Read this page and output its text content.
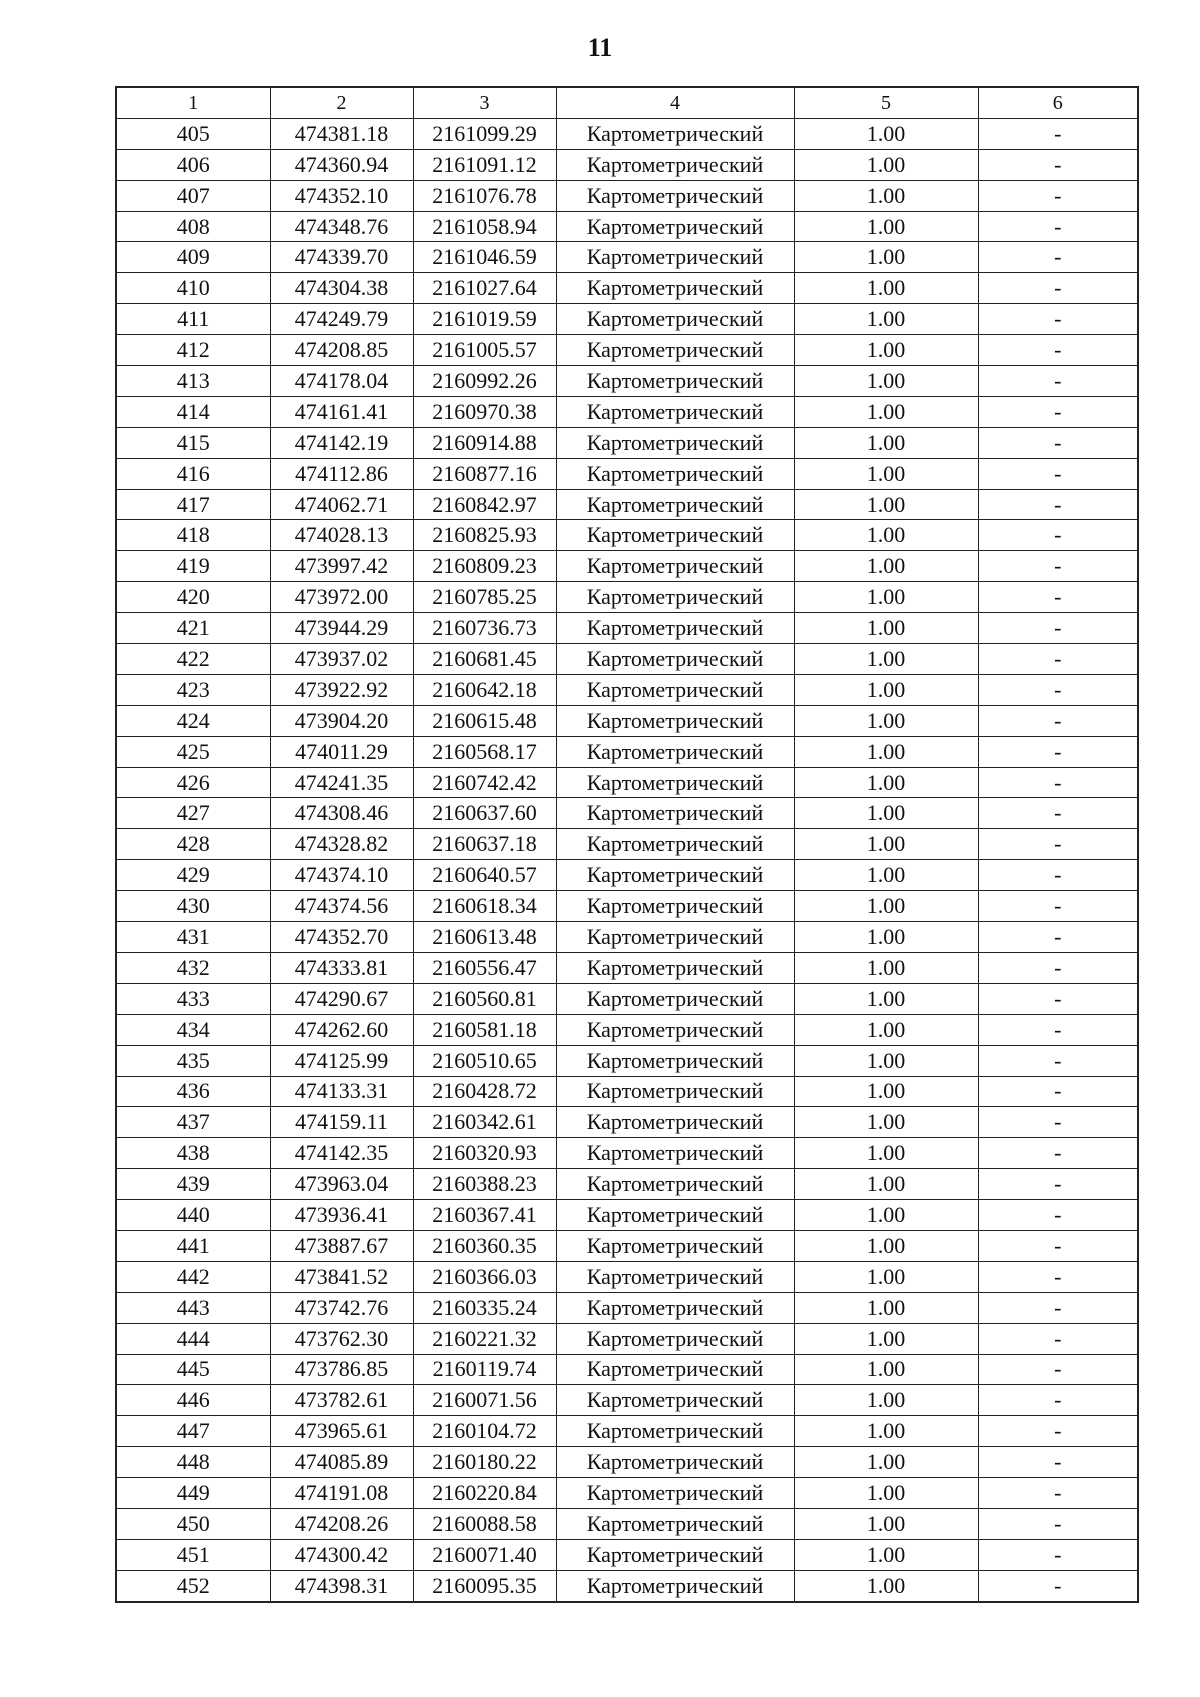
11
1	2	3	4	5	6
405	474381.18	2161099.29	Картометрический	1.00	-
406	474360.94	2161091.12	Картометрический	1.00	-
407	474352.10	2161076.78	Картометрический	1.00	-
408	474348.76	2161058.94	Картометрический	1.00	-
409	474339.70	2161046.59	Картометрический	1.00	-
410	474304.38	2161027.64	Картометрический	1.00	-
411	474249.79	2161019.59	Картометрический	1.00	-
412	474208.85	2161005.57	Картометрический	1.00	-
413	474178.04	2160992.26	Картометрический	1.00	-
414	474161.41	2160970.38	Картометрический	1.00	-
415	474142.19	2160914.88	Картометрический	1.00	-
416	474112.86	2160877.16	Картометрический	1.00	-
417	474062.71	2160842.97	Картометрический	1.00	-
418	474028.13	2160825.93	Картометрический	1.00	-
419	473997.42	2160809.23	Картометрический	1.00	-
420	473972.00	2160785.25	Картометрический	1.00	-
421	473944.29	2160736.73	Картометрический	1.00	-
422	473937.02	2160681.45	Картометрический	1.00	-
423	473922.92	2160642.18	Картометрический	1.00	-
424	473904.20	2160615.48	Картометрический	1.00	-
425	474011.29	2160568.17	Картометрический	1.00	-
426	474241.35	2160742.42	Картометрический	1.00	-
427	474308.46	2160637.60	Картометрический	1.00	-
428	474328.82	2160637.18	Картометрический	1.00	-
429	474374.10	2160640.57	Картометрический	1.00	-
430	474374.56	2160618.34	Картометрический	1.00	-
431	474352.70	2160613.48	Картометрический	1.00	-
432	474333.81	2160556.47	Картометрический	1.00	-
433	474290.67	2160560.81	Картометрический	1.00	-
434	474262.60	2160581.18	Картометрический	1.00	-
435	474125.99	2160510.65	Картометрический	1.00	-
436	474133.31	2160428.72	Картометрический	1.00	-
437	474159.11	2160342.61	Картометрический	1.00	-
438	474142.35	2160320.93	Картометрический	1.00	-
439	473963.04	2160388.23	Картометрический	1.00	-
440	473936.41	2160367.41	Картометрический	1.00	-
441	473887.67	2160360.35	Картометрический	1.00	-
442	473841.52	2160366.03	Картометрический	1.00	-
443	473742.76	2160335.24	Картометрический	1.00	-
444	473762.30	2160221.32	Картометрический	1.00	-
445	473786.85	2160119.74	Картометрический	1.00	-
446	473782.61	2160071.56	Картометрический	1.00	-
447	473965.61	2160104.72	Картометрический	1.00	-
448	474085.89	2160180.22	Картометрический	1.00	-
449	474191.08	2160220.84	Картометрический	1.00	-
450	474208.26	2160088.58	Картометрический	1.00	-
451	474300.42	2160071.40	Картометрический	1.00	-
452	474398.31	2160095.35	Картометрический	1.00	-
